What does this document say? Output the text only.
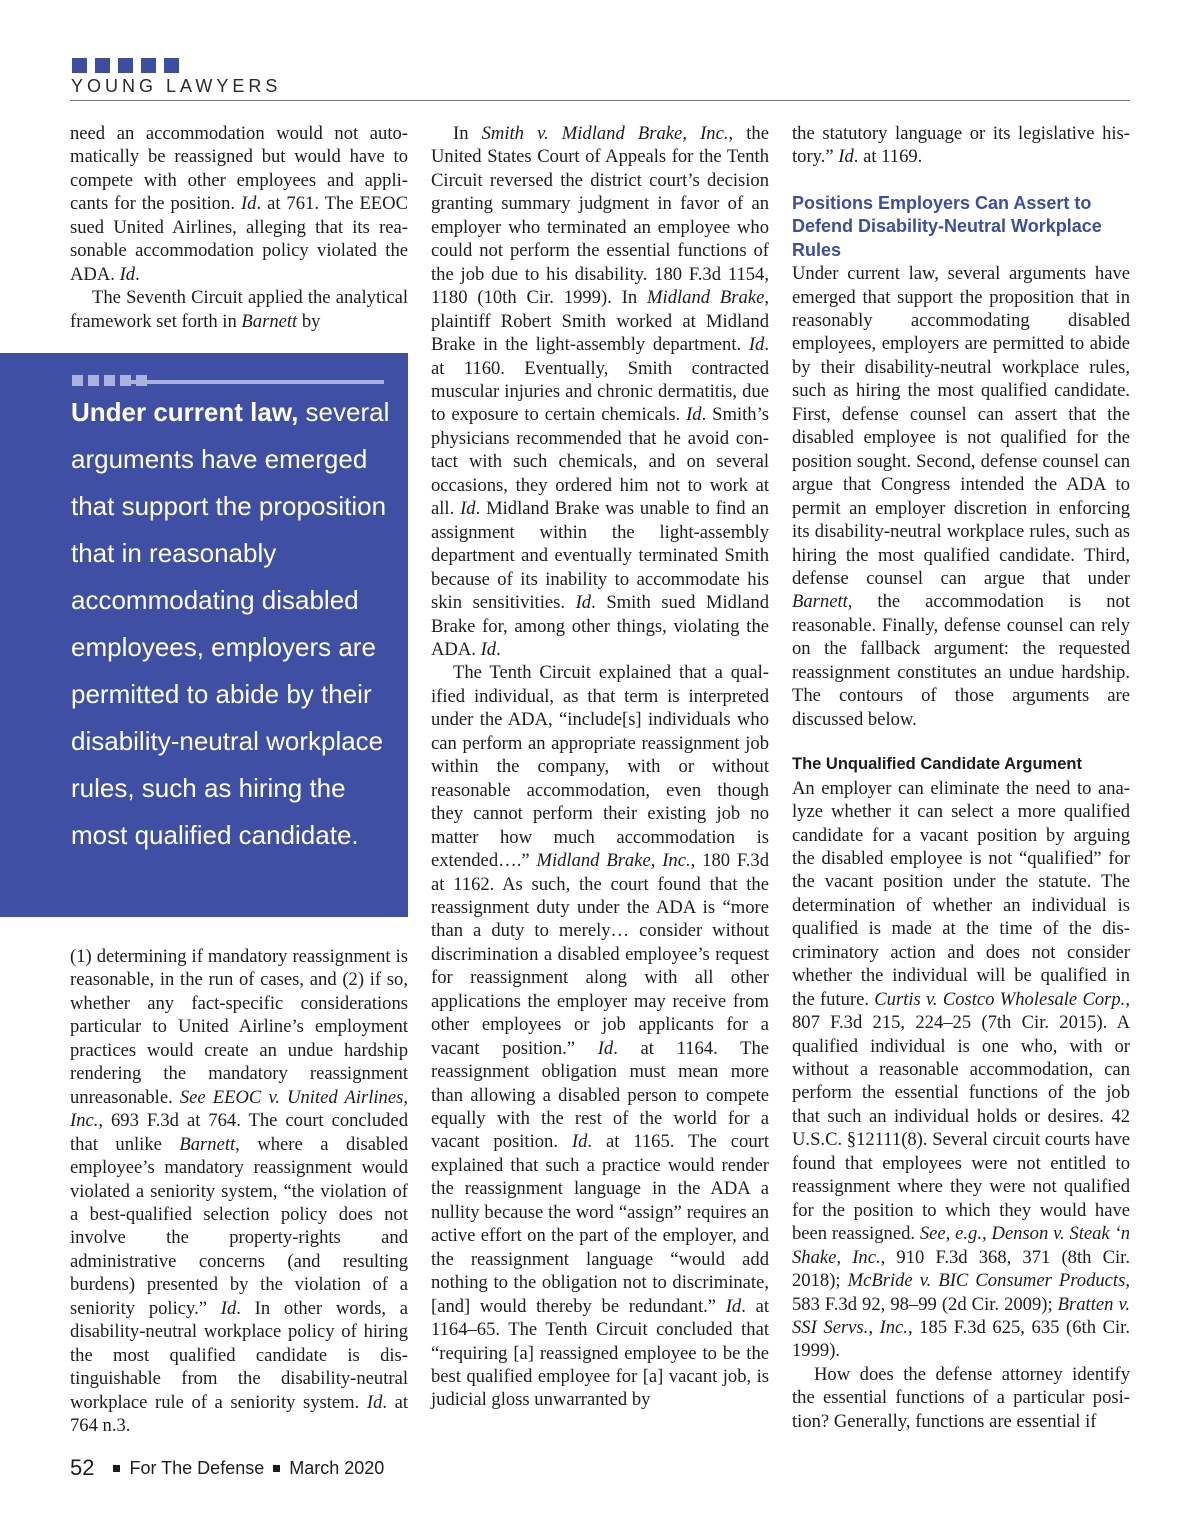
YOUNG LAWYERS

need an accommodation would not automatically be reassigned but would have to compete with other employees and applicants for the position. Id. at 761. The EEOC sued United Airlines, alleging that its reasonable accommodation policy violated the ADA. Id.

The Seventh Circuit applied the analytical framework set forth in Barnett by

Under current law, several arguments have emerged that support the proposition that in reasonably accommodating disabled employees, employers are permitted to abide by their disability-neutral workplace rules, such as hiring the most qualified candidate.

(1) determining if mandatory reassignment is reasonable, in the run of cases, and (2) if so, whether any fact-specific considerations particular to United Airline’s employment practices would create an undue hardship rendering the mandatory reassignment unreasonable. See EEOC v. United Airlines, Inc., 693 F.3d at 764. The court concluded that unlike Barnett, where a disabled employee’s mandatory reassignment would violated a seniority system, “the violation of a best-qualified selection policy does not involve the property-rights and administrative concerns (and resulting burdens) presented by the violation of a seniority policy.” Id. In other words, a disability-neutral workplace policy of hiring the most qualified candidate is distinguishable from the disability-neutral workplace rule of a seniority system. Id. at 764 n.3.

In Smith v. Midland Brake, Inc., the United States Court of Appeals for the Tenth Circuit reversed the district court’s decision granting summary judgment in favor of an employer who terminated an employee who could not perform the essential functions of the job due to his disability. 180 F.3d 1154, 1180 (10th Cir. 1999). In Midland Brake, plaintiff Robert Smith worked at Midland Brake in the light-assembly department. Id. at 1160. Eventually, Smith contracted muscular injuries and chronic dermatitis, due to exposure to certain chemicals. Id. Smith’s physicians recommended that he avoid contact with such chemicals, and on several occasions, they ordered him not to work at all. Id. Midland Brake was unable to find an assignment within the light-assembly department and eventually terminated Smith because of its inability to accommodate his skin sensitivities. Id. Smith sued Midland Brake for, among other things, violating the ADA. Id.

The Tenth Circuit explained that a qualified individual, as that term is interpreted under the ADA, “include[s] individuals who can perform an appropriate reassignment job within the company, with or without reasonable accommodation, even though they cannot perform their existing job no matter how much accommodation is extended….” Midland Brake, Inc., 180 F.3d at 1162. As such, the court found that the reassignment duty under the ADA is “more than a duty to merely… consider without discrimination a disabled employee’s request for reassignment along with all other applications the employer may receive from other employees or job applicants for a vacant position.” Id. at 1164. The reassignment obligation must mean more than allowing a disabled person to compete equally with the rest of the world for a vacant position. Id. at 1165. The court explained that such a practice would render the reassignment language in the ADA a nullity because the word “assign” requires an active effort on the part of the employer, and the reassignment language “would add nothing to the obligation not to discriminate, [and] would thereby be redundant.” Id. at 1164–65. The Tenth Circuit concluded that “requiring [a] reassigned employee to be the best qualified employee for [a] vacant job, is judicial gloss unwarranted by

the statutory language or its legislative history.” Id. at 1169.

Positions Employers Can Assert to Defend Disability-Neutral Workplace Rules

Under current law, several arguments have emerged that support the proposition that in reasonably accommodating disabled employees, employers are permitted to abide by their disability-neutral workplace rules, such as hiring the most qualified candidate. First, defense counsel can assert that the disabled employee is not qualified for the position sought. Second, defense counsel can argue that Congress intended the ADA to permit an employer discretion in enforcing its disability-neutral workplace rules, such as hiring the most qualified candidate. Third, defense counsel can argue that under Barnett, the accommodation is not reasonable. Finally, defense counsel can rely on the fallback argument: the requested reassignment constitutes an undue hardship. The contours of those arguments are discussed below.

The Unqualified Candidate Argument

An employer can eliminate the need to analyze whether it can select a more qualified candidate for a vacant position by arguing the disabled employee is not “qualified” for the vacant position under the statute. The determination of whether an individual is qualified is made at the time of the discriminatory action and does not consider whether the individual will be qualified in the future. Curtis v. Costco Wholesale Corp., 807 F.3d 215, 224–25 (7th Cir. 2015). A qualified individual is one who, with or without a reasonable accommodation, can perform the essential functions of the job that such an individual holds or desires. 42 U.S.C. §12111(8). Several circuit courts have found that employees were not entitled to reassignment where they were not qualified for the position to which they would have been reassigned. See, e.g., Denson v. Steak ‘n Shake, Inc., 910 F.3d 368, 371 (8th Cir. 2018); McBride v. BIC Consumer Products, 583 F.3d 92, 98–99 (2d Cir. 2009); Bratten v. SSI Servs., Inc., 185 F.3d 625, 635 (6th Cir. 1999).

How does the defense attorney identify the essential functions of a particular position? Generally, functions are essential if

52 For The Defense March 2020
